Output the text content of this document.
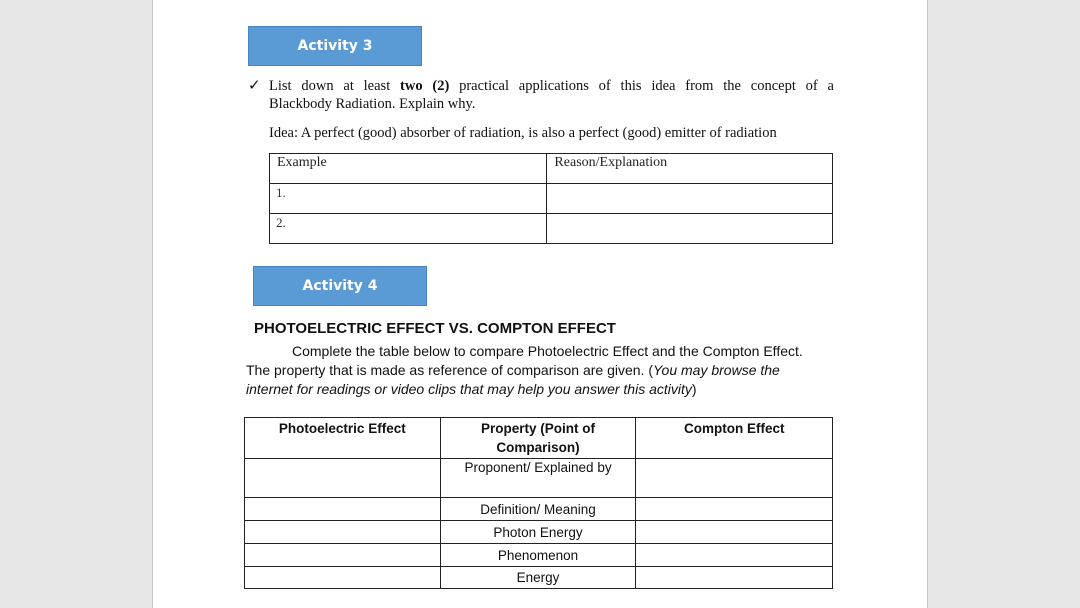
Activity 3
✓ List down at least two (2) practical applications of this idea from the concept of a
Blackbody Radiation. Explain why.
Idea: A perfect (good) absorber of radiation, is also a perfect (good) emitter of radiation
Example	Reason/Explanation
1.	
2.	
Activity 4
PHOTOELECTRIC EFFECT VS. COMPTON EFFECT
Complete the table below to compare Photoelectric Effect and the Compton Effect.
The property that is made as reference of comparison are given. (You may browse the
internet for readings or video clips that may help you answer this activity)
Photoelectric Effect	Property (Point of Comparison)	Compton Effect
	Proponent/ Explained by	
	Definition/ Meaning	
	Photon Energy	
	Phenomenon	
	Energy	
